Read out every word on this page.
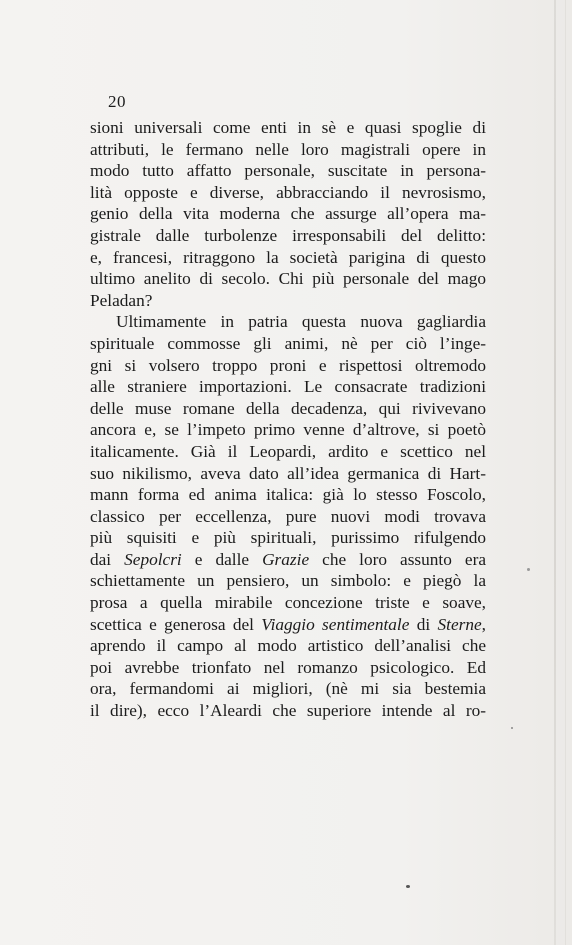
20
sioni universali come enti in sè e quasi spoglie di
attributi, le fermano nelle loro magistrali opere in
modo tutto affatto personale, suscitate in persona-
lità opposte e diverse, abbracciando il nevrosismo,
genio della vita moderna che assurge all’opera ma-
gistrale dalle turbolenze irresponsabili del delitto:
e, francesi, ritraggono la società parigina di questo
ultimo anelito di secolo. Chi più personale del mago
Peladan?
Ultimamente in patria questa nuova gagliardia
spirituale commosse gli animi, nè per ciò l’inge-
gni si volsero troppo proni e rispettosi oltremodo
alle straniere importazioni. Le consacrate tradizioni
delle muse romane della decadenza, qui rivivevano
ancora e, se l’impeto primo venne d’altrove, si poetò
italicamente. Già il Leopardi, ardito e scettico nel
suo nikilismo, aveva dato all’idea germanica di Hart-
mann forma ed anima italica: già lo stesso Foscolo,
classico per eccellenza, pure nuovi modi trovava
più squisiti e più spirituali, purissimo rifulgendo
dai Sepolcri e dalle Grazie che loro assunto era
schiettamente un pensiero, un simbolo: e piegò la
prosa a quella mirabile concezione triste e soave,
scettica e generosa del Viaggio sentimentale di Sterne,
aprendo il campo al modo artistico dell’analisi che
poi avrebbe trionfato nel romanzo psicologico. Ed
ora, fermandomi ai migliori, (nè mi sia bestemia
il dire), ecco l’Aleardi che superiore intende al ro-
